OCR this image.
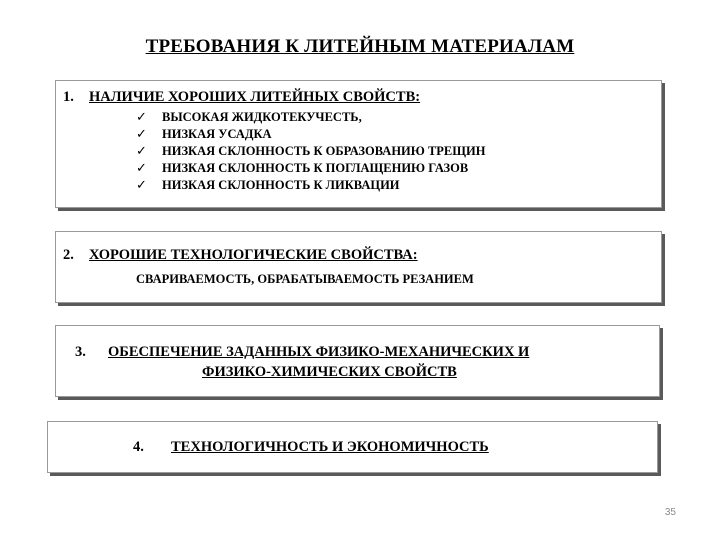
ТРЕБОВАНИЯ К ЛИТЕЙНЫМ МАТЕРИАЛАМ
1. НАЛИЧИЕ ХОРОШИХ ЛИТЕЙНЫХ СВОЙСТВ:
✓ ВЫСОКАЯ ЖИДКОТЕКУЧЕСТЬ,
✓ НИЗКАЯ УСАДКА
✓ НИЗКАЯ СКЛОННОСТЬ К ОБРАЗОВАНИЮ ТРЕЩИН
✓ НИЗКАЯ СКЛОННОСТЬ К ПОГЛАЩЕНИЮ ГАЗОВ
✓ НИЗКАЯ СКЛОННОСТЬ К ЛИКВАЦИИ
2. ХОРОШИЕ ТЕХНОЛОГИЧЕСКИЕ СВОЙСТВА:
СВАРИВАЕМОСТЬ, ОБРАБАТЫВАЕМОСТЬ РЕЗАНИЕМ
3. ОБЕСПЕЧЕНИЕ ЗАДАННЫХ ФИЗИКО-МЕХАНИЧЕСКИХ И
ФИЗИКО-ХИМИЧЕСКИХ СВОЙСТВ
4. ТЕХНОЛОГИЧНОСТЬ И ЭКОНОМИЧНОСТЬ
35
